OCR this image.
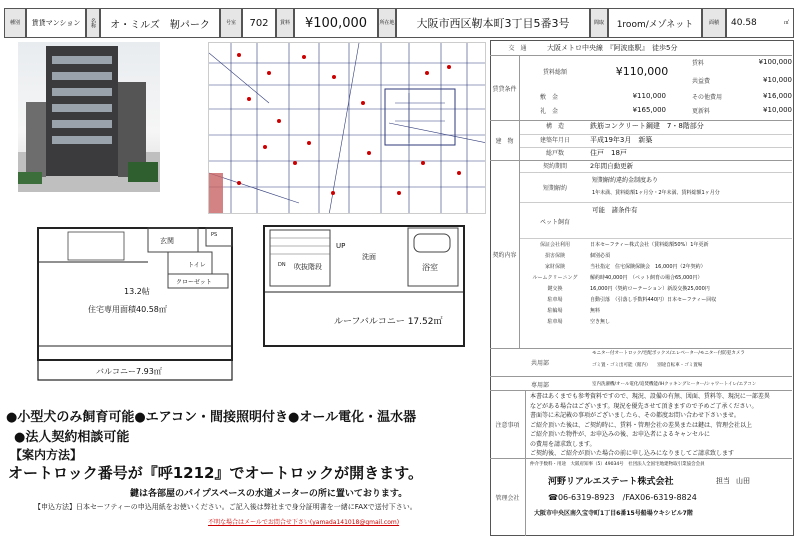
種別 賃貸マンション 名称 オ・ミルズ　靭パーク	号室 702 賃料 ¥100,000 所在地 大阪市西区靭本町3丁目5番3号	間取 1room/メゾネット	面積 40.58	㎡
玄関
PS
トイレ
クローゼット
13.2帖
住宅専用面積40.58㎡
バルコニー7.93㎡
UP
DN 吹抜階段
洗面
浴室
ルーフバルコニー 17.52㎡
●小型犬のみ飼育可能●エアコン・間接照明付き●オール電化・温水器
●法人契約相談可能
【案内方法】
オートロック番号が『呼1212』でオートロックが開きます。
鍵は各部屋のパイプスペースの水道メーターの所に置いております。
【申込方法】日本セーフティーの申込用紙をお使いください。ご記入後は弊社まで身分証明書を一緒にFAXで送付下さい。
不明な場合はメールでお問合せ下さい(yamada141018@gmail.com)
交　通	大阪メトロ中央線　『阿波座駅』　徒歩5分
賃貸条件
賃料総額	¥110,000
賃料	¥100,000
共益費	¥10,000
敷　金	¥110,000	その他費用	¥16,000
礼　金	¥165,000	更新料	¥10,000
建　物
構　造	鉄筋コンクリート鋼建　7・8階部分
建築年月日	平成19年3月　新築
総戸数	住戸　18戸
契約内容
契約期間	2年間自動更新
短期解約
短期解約違約金制度あり
1年未満、賃料総額1ヶ月分・2年未満、賃料総額1ヶ月分
ペット飼育
可能　諸条件有
保証会社利用	日本セーフティー株式会社（賃料総額50%）1年更新
損害保険	個別必須
家財保険	当社指定　住宅保険保険会　16,000円（2年契約）
ルームクリーニング	解約時40,000円　（ペット飼育の場合65,000円）
鍵交換	16,000円（契約ローテーション）新設交換25,000円
駐車場	自動引落　（引落し手数料440円）日本セーフティー回収
駐輪場	無料
駐車場	空き無し
共用部
モニター付オートロック/宅配ボックス/エレベーター/モニター付防犯カメラ
ゴミ置・ゴミ出可能（館内）　　別途自転車・ゴミ置場
専用部	室内洗濯機/オール電化/追焚機能/IHクッキングヒーター/シャワートイレ/エアコン
注意事項
本書はあくまでも参考資料ですので、現況、設備の有無、図面、賃料等、現況に一部差異
などがある場合はございます。現況を優先させて頂きますので予めご了承ください。
書面等に未記載の事項がございましたら、その都度お問い合わせ下さいませ。
ご紹介頂いた後は、ご契約時に、賃料・管理会社の差異または鍵は、管理会社以上
ご紹介頂いた物件が、お申込みの後、お申込者によるキャンセルに
の費用を請求致します。　　　　　　　　　　　　　　　　　　　
ご契約後、ご紹介が頂いた場合の前に申し込みになりましてご請求致します
管理会社
仲介手数料・用途　大阪府知事（5）49034号　社団法人全国宅地建物取引業協会会員
河野リアルエステート株式会社	担当 山田
☎06-6319-8923　/FAX06-6319-8824
大阪市中央区南久宝寺町1丁目6番15号船場ウキシビル7階
